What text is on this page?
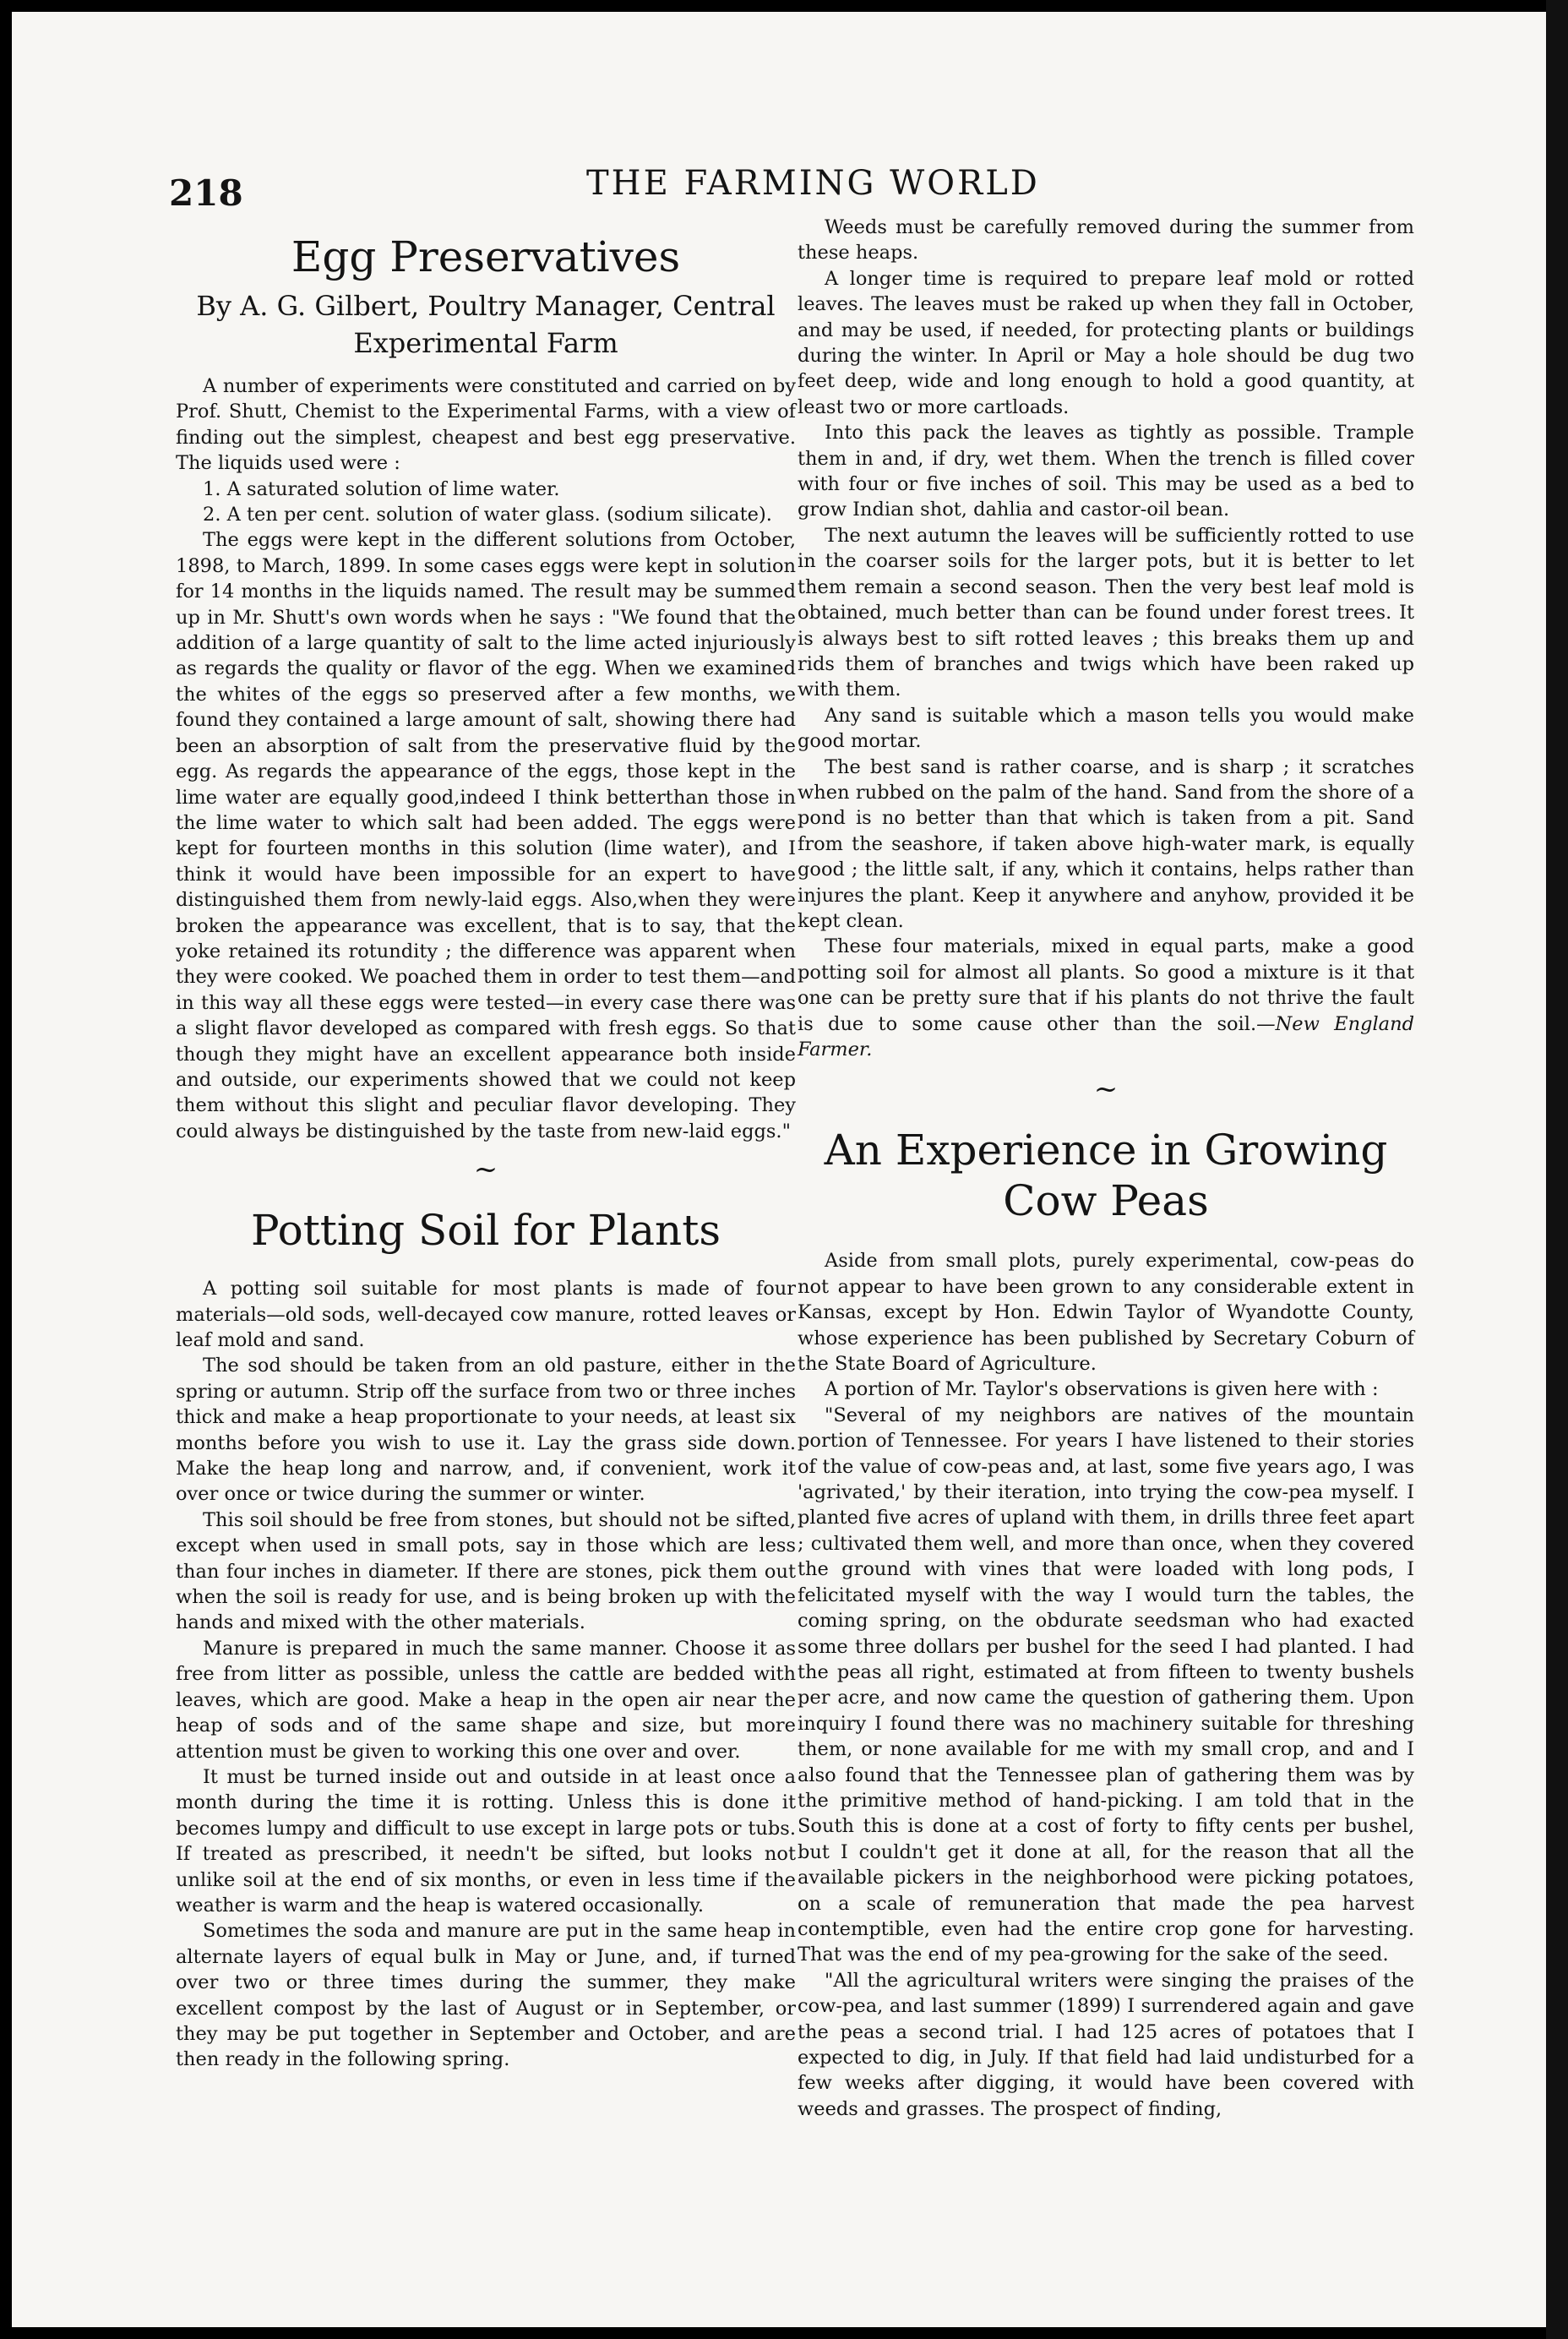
218	THE FARMING WORLD
Egg Preservatives
By A. G. Gilbert, Poultry Manager, Central Experimental Farm

A number of experiments were constituted and carried on by Prof. Shutt, Chemist to the Experimental Farms, with a view of finding out the simplest, cheapest and best egg preservative. The liquids used were :

1. A saturated solution of lime water.

2. A ten per cent. solution of water glass. (sodium silicate).

The eggs were kept in the different solutions from October, 1898, to March, 1899. In some cases eggs were kept in solution for 14 months in the liquids named. The result may be summed up in Mr. Shutt's own words when he says : "We found that the addition of a large quantity of salt to the lime acted injuriously as regards the quality or flavor of the egg. When we examined the whites of the eggs so preserved after a few months, we found they contained a large amount of salt, showing there had been an absorption of salt from the preservative fluid by the egg. As regards the appearance of the eggs, those kept in the lime water are equally good,indeed I think betterthan those in the lime water to which salt had been added. The eggs were kept for fourteen months in this solution (lime water), and I think it would have been impossible for an expert to have distinguished them from newly-laid eggs. Also,when they were broken the appearance was excellent, that is to say, that the yoke retained its rotundity ; the difference was apparent when they were cooked. We poached them in order to test them—and in this way all these eggs were tested—in every case there was a slight flavor developed as compared with fresh eggs. So that though they might have an excellent appearance both inside and outside, our experiments showed that we could not keep them without this slight and peculiar flavor developing. They could always be distinguished by the taste from new-laid eggs."

~
Potting Soil for Plants

A potting soil suitable for most plants is made of four materials—old sods, well-decayed cow manure, rotted leaves or leaf mold and sand.

The sod should be taken from an old pasture, either in the spring or autumn. Strip off the surface from two or three inches thick and make a heap proportionate to your needs, at least six months before you wish to use it. Lay the grass side down. Make the heap long and narrow, and, if convenient, work it over once or twice during the summer or winter.

This soil should be free from stones, but should not be sifted, except when used in small pots, say in those which are less than four inches in diameter. If there are stones, pick them out when the soil is ready for use, and is being broken up with the hands and mixed with the other materials.

Manure is prepared in much the same manner. Choose it as free from litter as possible, unless the cattle are bedded with leaves, which are good. Make a heap in the open air near the heap of sods and of the same shape and size, but more attention must be given to working this one over and over.

It must be turned inside out and outside in at least once a month during the time it is rotting. Unless this is done it becomes lumpy and difficult to use except in large pots or tubs. If treated as prescribed, it needn't be sifted, but looks not unlike soil at the end of six months, or even in less time if the weather is warm and the heap is watered occasionally.

Sometimes the soda and manure are put in the same heap in alternate layers of equal bulk in May or June, and, if turned over two or three times during the summer, they make excellent compost by the last of August or in September, or they may be put together in September and October, and are then ready in the following spring.

Weeds must be carefully removed during the summer from these heaps.

A longer time is required to prepare leaf mold or rotted leaves. The leaves must be raked up when they fall in October, and may be used, if needed, for protecting plants or buildings during the winter. In April or May a hole should be dug two feet deep, wide and long enough to hold a good quantity, at least two or more cartloads.

Into this pack the leaves as tightly as possible. Trample them in and, if dry, wet them. When the trench is filled cover with four or five inches of soil. This may be used as a bed to grow Indian shot, dahlia and castor-oil bean.

The next autumn the leaves will be sufficiently rotted to use in the coarser soils for the larger pots, but it is better to let them remain a second season. Then the very best leaf mold is obtained, much better than can be found under forest trees. It is always best to sift rotted leaves ; this breaks them up and rids them of branches and twigs which have been raked up with them.

Any sand is suitable which a mason tells you would make good mortar.

The best sand is rather coarse, and is sharp ; it scratches when rubbed on the palm of the hand. Sand from the shore of a pond is no better than that which is taken from a pit. Sand from the seashore, if taken above high-water mark, is equally good ; the little salt, if any, which it contains, helps rather than injures the plant. Keep it anywhere and anyhow, provided it be kept clean.

These four materials, mixed in equal parts, make a good potting soil for almost all plants. So good a mixture is it that one can be pretty sure that if his plants do not thrive the fault is due to some cause other than the soil.—New England Farmer.

~
An Experience in Growing Cow Peas

Aside from small plots, purely experimental, cow-peas do not appear to have been grown to any considerable extent in Kansas, except by Hon. Edwin Taylor of Wyandotte County, whose experience has been published by Secretary Coburn of the State Board of Agriculture.

A portion of Mr. Taylor's observations is given here with :

"Several of my neighbors are natives of the mountain portion of Tennessee. For years I have listened to their stories of the value of cow-peas and, at last, some five years ago, I was 'agrivated,' by their iteration, into trying the cow-pea myself. I planted five acres of upland with them, in drills three feet apart ; cultivated them well, and more than once, when they covered the ground with vines that were loaded with long pods, I felicitated myself with the way I would turn the tables, the coming spring, on the obdurate seedsman who had exacted some three dollars per bushel for the seed I had planted. I had the peas all right, estimated at from fifteen to twenty bushels per acre, and now came the question of gathering them. Upon inquiry I found there was no machinery suitable for threshing them, or none available for me with my small crop, and and I also found that the Tennessee plan of gathering them was by the primitive method of hand-picking. I am told that in the South this is done at a cost of forty to fifty cents per bushel, but I couldn't get it done at all, for the reason that all the available pickers in the neighborhood were picking potatoes, on a scale of remuneration that made the pea harvest contemptible, even had the entire crop gone for harvesting. That was the end of my pea-growing for the sake of the seed.

"All the agricultural writers were singing the praises of the cow-pea, and last summer (1899) I surrendered again and gave the peas a second trial. I had 125 acres of potatoes that I expected to dig, in July. If that field had laid undisturbed for a few weeks after digging, it would have been covered with weeds and grasses. The prospect of finding,
